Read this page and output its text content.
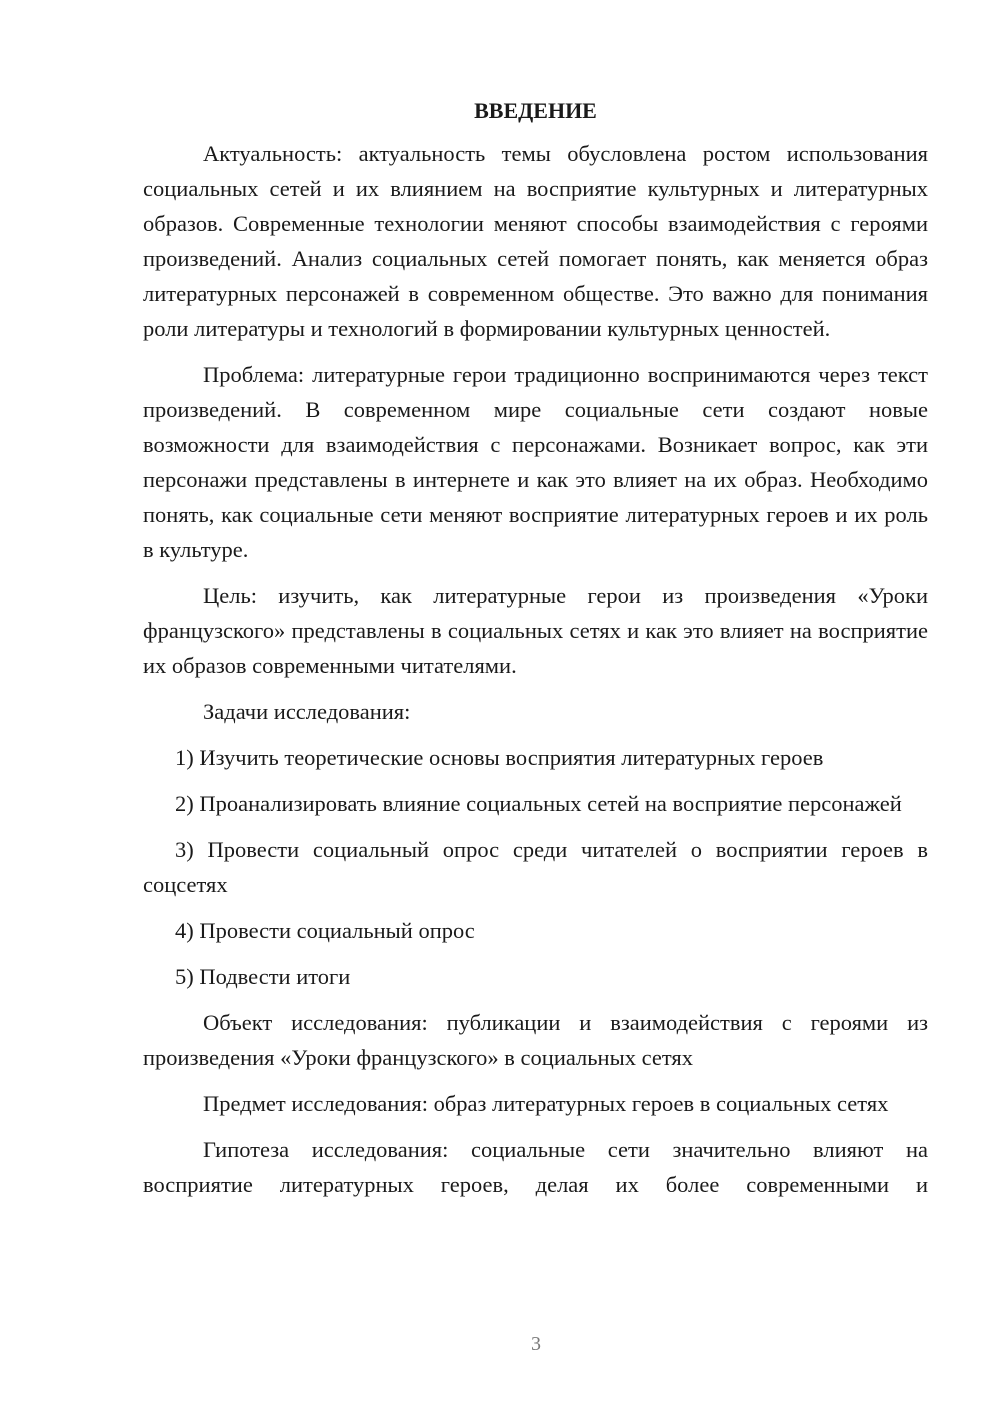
ВВЕДЕНИЕ

Актуальность: актуальность темы обусловлена ростом использования социальных сетей и их влиянием на восприятие культурных и литературных образов. Современные технологии меняют способы взаимодействия с героями произведений. Анализ социальных сетей помогает понять, как меняется образ литературных персонажей в современном обществе. Это важно для понимания роли литературы и технологий в формировании культурных ценностей.

Проблема: литературные герои традиционно воспринимаются через текст произведений. В современном мире социальные сети создают новые возможности для взаимодействия с персонажами. Возникает вопрос, как эти персонажи представлены в интернете и как это влияет на их образ. Необходимо понять, как социальные сети меняют восприятие литературных героев и их роль в культуре.

Цель: изучить, как литературные герои из произведения «Уроки французского» представлены в социальных сетях и как это влияет на восприятие их образов современными читателями.

Задачи исследования:

1) Изучить теоретические основы восприятия литературных героев

2) Проанализировать влияние социальных сетей на восприятие персонажей

3) Провести социальный опрос среди читателей о восприятии героев в соцсетях

4) Провести социальный опрос

5) Подвести итоги

Объект исследования: публикации и взаимодействия с героями из произведения «Уроки французского» в социальных сетях

Предмет исследования: образ литературных героев в социальных сетях

Гипотеза исследования: социальные сети значительно влияют на восприятие литературных героев, делая их более современными и

3
